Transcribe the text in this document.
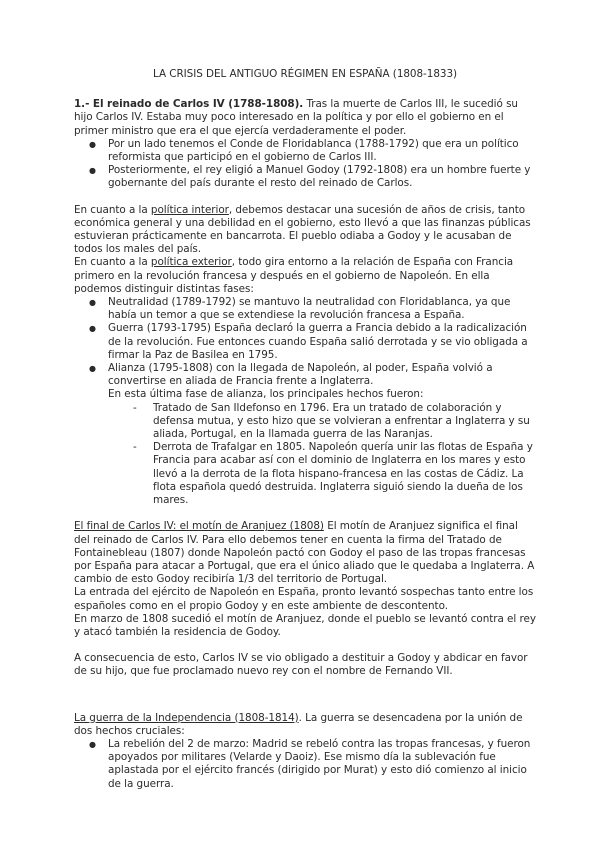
LA CRISIS DEL ANTIGUO RÉGIMEN EN ESPAÑA (1808-1833)

1.- El reinado de Carlos IV (1788-1808). Tras la muerte de Carlos III, le sucedió su hijo Carlos IV. Estaba muy poco interesado en la política y por ello el gobierno en el primer ministro que era el que ejercía verdaderamente el poder.

● Por un lado tenemos el Conde de Floridablanca (1788-1792) que era un político reformista que participó en el gobierno de Carlos III.
● Posteriormente, el rey eligió a Manuel Godoy (1792-1808) era un hombre fuerte y gobernante del país durante el resto del reinado de Carlos.

En cuanto a la política interior, debemos destacar una sucesión de años de crisis, tanto económica general y una debilidad en el gobierno, esto llevó a que las finanzas públicas estuvieran prácticamente en bancarrota. El pueblo odiaba a Godoy y le acusaban de todos los males del país.

En cuanto a la política exterior, todo gira entorno a la relación de España con Francia primero en la revolución francesa y después en el gobierno de Napoleón. En ella podemos distinguir distintas fases:

● Neutralidad (1789-1792) se mantuvo la neutralidad con Floridablanca, ya que había un temor a que se extendiese la revolución francesa a España.
● Guerra (1793-1795) España declaró la guerra a Francia debido a la radicalización de la revolución. Fue entonces cuando España salió derrotada y se vio obligada a firmar la Paz de Basilea en 1795.
● Alianza (1795-1808) con la llegada de Napoleón, al poder, España volvió a convertirse en aliada de Francia frente a Inglaterra.

En esta última fase de alianza, los principales hechos fueron:

- Tratado de San Ildefonso en 1796. Era un tratado de colaboración y defensa mutua, y esto hizo que se volvieran a enfrentar a Inglaterra y su aliada, Portugal, en la llamada guerra de las Naranjas.
- Derrota de Trafalgar en 1805. Napoleón quería unir las flotas de España y Francia para acabar así con el dominio de Inglaterra en los mares y esto llevó a la derrota de la flota hispano-francesa en las costas de Cádiz. La flota española quedó destruida. Inglaterra siguió siendo la dueña de los mares.

El final de Carlos IV: el motín de Aranjuez (1808) El motín de Aranjuez significa el final del reinado de Carlos IV. Para ello debemos tener en cuenta la firma del Tratado de Fontainebleau (1807) donde Napoleón pactó con Godoy el paso de las tropas francesas por España para atacar a Portugal, que era el único aliado que le quedaba a Inglaterra. A cambio de esto Godoy recibiría 1/3 del territorio de Portugal.

La entrada del ejército de Napoleón en España, pronto levantó sospechas tanto entre los españoles como en el propio Godoy y en este ambiente de descontento.

En marzo de 1808 sucedió el motín de Aranjuez, donde el pueblo se levantó contra el rey y atacó también la residencia de Godoy.

A consecuencia de esto, Carlos IV se vio obligado a destituir a Godoy y abdicar en favor de su hijo, que fue proclamado nuevo rey con el nombre de Fernando VII.

La guerra de la Independencia (1808-1814). La guerra se desencadena por la unión de dos hechos cruciales:

● La rebelión del 2 de marzo: Madrid se rebeló contra las tropas francesas, y fueron apoyados por militares (Velarde y Daoiz). Ese mismo día la sublevación fue aplastada por el ejército francés (dirigido por Murat) y esto dió comienzo al inicio de la guerra.
